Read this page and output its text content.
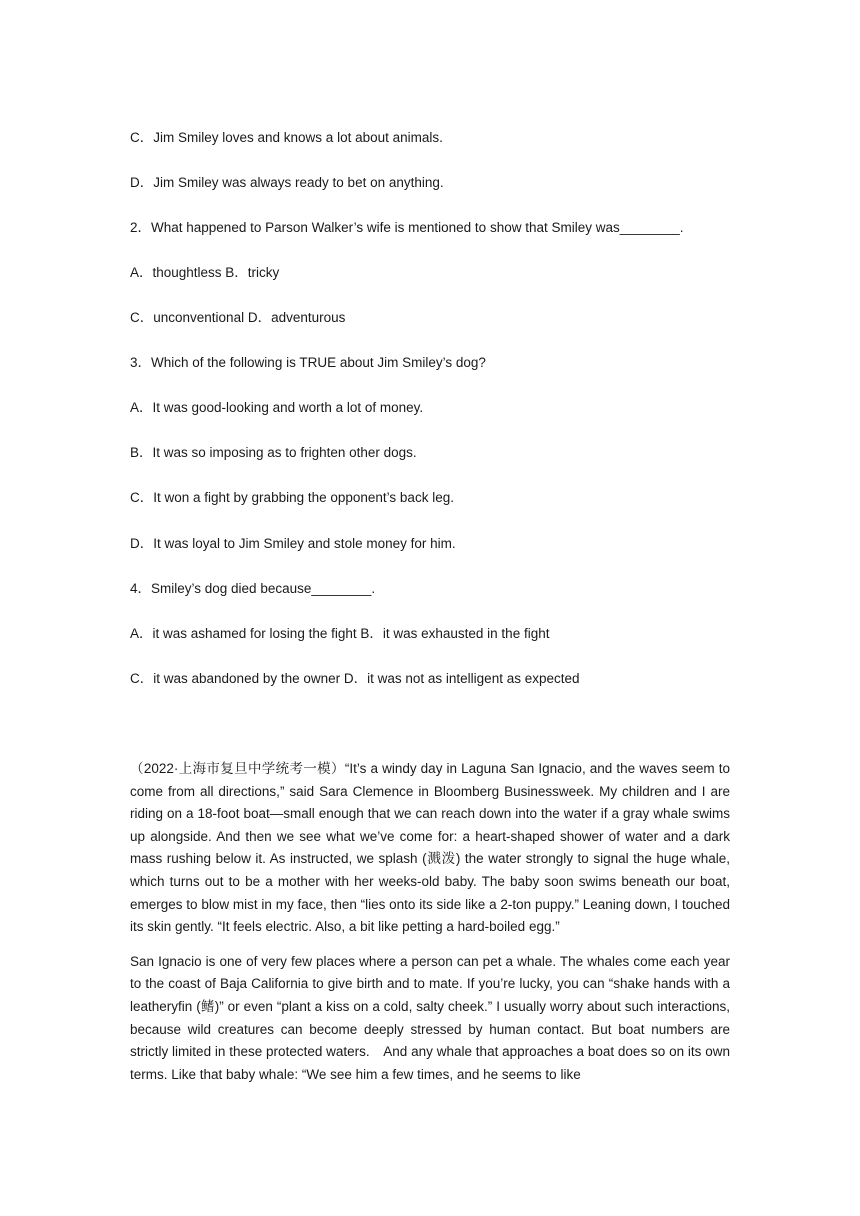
C．Jim Smiley loves and knows a lot about animals.
D．Jim Smiley was always ready to bet on anything.
2．What happened to Parson Walker’s wife is mentioned to show that Smiley was________.
A．thoughtless B．tricky
C．unconventional D．adventurous
3．Which of the following is TRUE about Jim Smiley’s dog?
A．It was good-looking and worth a lot of money.
B．It was so imposing as to frighten other dogs.
C．It won a fight by grabbing the opponent’s back leg.
D．It was loyal to Jim Smiley and stole money for him.
4．Smiley’s dog died because________.
A．it was ashamed for losing the fight B．it was exhausted in the fight
C．it was abandoned by the owner D．it was not as intelligent as expected

（2022·上海市复旦中学统考一模）“It’s a windy day in Laguna San Ignacio, and the waves seem to come from all directions,” said Sara Clemence in Bloomberg Businessweek. My children and I are riding on a 18-foot boat—small enough that we can reach down into the water if a gray whale swims up alongside. And then we see what we’ve come for: a heart-shaped shower of water and a dark mass rushing below it. As instructed, we splash (溅泼) the water strongly to signal the huge whale, which turns out to be a mother with her weeks-old baby. The baby soon swims beneath our boat, emerges to blow mist in my face, then “lies onto its side like a 2-ton puppy.” Leaning down, I touched its skin gently. “It feels electric. Also, a bit like petting a hard-boiled egg.”

San Ignacio is one of very few places where a person can pet a whale. The whales come each year to the coast of Baja California to give birth and to mate. If you’re lucky, you can “shake hands with a leatheryfin (鳍)” or even “plant a kiss on a cold, salty cheek.” I usually worry about such interactions, because wild creatures can become deeply stressed by human contact. But boat numbers are strictly limited in these protected waters.　And any whale that approaches a boat does so on its own terms. Like that baby whale: “We see him a few times, and he seems to like
